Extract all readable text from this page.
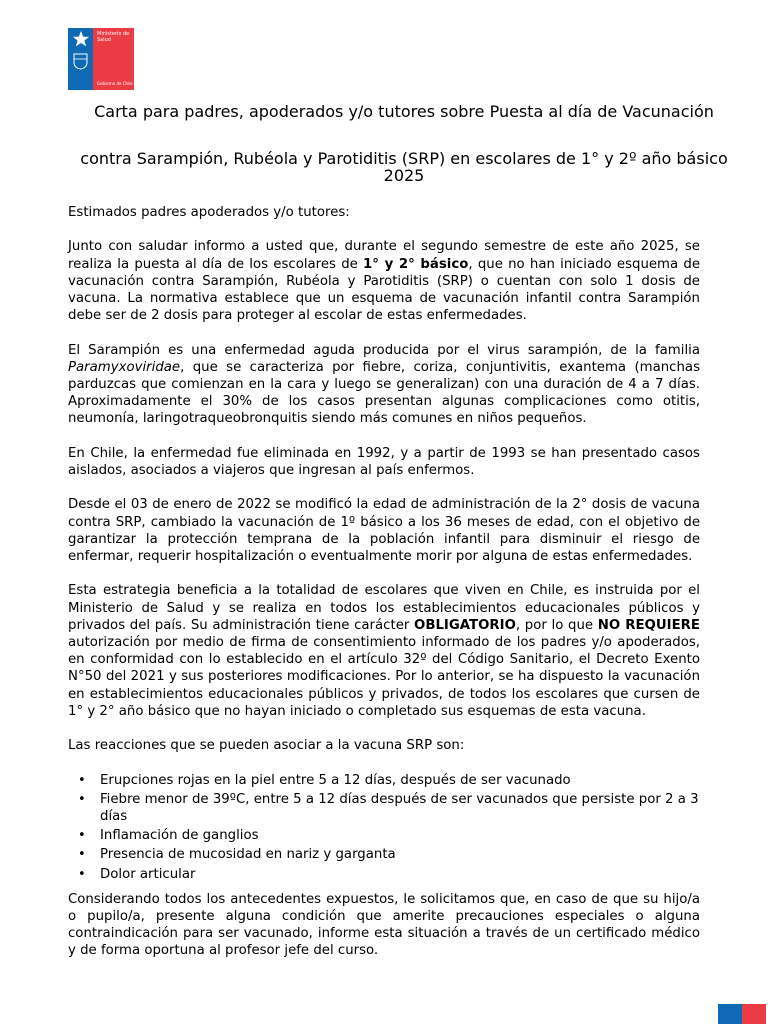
Ministerio de
Salud
Gobierno de Chile
Carta para padres, apoderados y/o tutores sobre Puesta al día de Vacunación
contra Sarampión, Rubéola y Parotiditis (SRP) en escolares de 1° y 2º año básico 2025

Estimados padres apoderados y/o tutores:

Junto con saludar informo a usted que, durante el segundo semestre de este año 2025, se realiza la puesta al día de los escolares de 1° y 2° básico, que no han iniciado esquema de vacunación contra Sarampión, Rubéola y Parotiditis (SRP) o cuentan con solo 1 dosis de vacuna. La normativa establece que un esquema de vacunación infantil contra Sarampión debe ser de 2 dosis para proteger al escolar de estas enfermedades.

El Sarampión es una enfermedad aguda producida por el virus sarampión, de la familia Paramyxoviridae, que se caracteriza por fiebre, coriza, conjuntivitis, exantema (manchas parduzcas que comienzan en la cara y luego se generalizan) con una duración de 4 a 7 días. Aproximadamente el 30% de los casos presentan algunas complicaciones como otitis, neumonía, laringotraqueobronquitis siendo más comunes en niños pequeños.

En Chile, la enfermedad fue eliminada en 1992, y a partir de 1993 se han presentado casos aislados, asociados a viajeros que ingresan al país enfermos.

Desde el 03 de enero de 2022 se modificó la edad de administración de la 2° dosis de vacuna contra SRP, cambiado la vacunación de 1º básico a los 36 meses de edad, con el objetivo de garantizar la protección temprana de la población infantil para disminuir el riesgo de enfermar, requerir hospitalización o eventualmente morir por alguna de estas enfermedades.

Esta estrategia beneficia a la totalidad de escolares que viven en Chile, es instruida por el Ministerio de Salud y se realiza en todos los establecimientos educacionales públicos y privados del país. Su administración tiene carácter OBLIGATORIO, por lo que NO REQUIERE autorización por medio de firma de consentimiento informado de los padres y/o apoderados, en conformidad con lo establecido en el artículo 32º del Código Sanitario, el Decreto Exento N°50 del 2021 y sus posteriores modificaciones. Por lo anterior, se ha dispuesto la vacunación en establecimientos educacionales públicos y privados, de todos los escolares que cursen de 1° y 2° año básico que no hayan iniciado o completado sus esquemas de esta vacuna.

Las reacciones que se pueden asociar a la vacuna SRP son:

• Erupciones rojas en la piel entre 5 a 12 días, después de ser vacunado
• Fiebre menor de 39ºC, entre 5 a 12 días después de ser vacunados que persiste por 2 a 3 días
• Inflamación de ganglios
• Presencia de mucosidad en nariz y garganta
• Dolor articular

Considerando todos los antecedentes expuestos, le solicitamos que, en caso de que su hijo/a o pupilo/a, presente alguna condición que amerite precauciones especiales o alguna contraindicación para ser vacunado, informe esta situación a través de un certificado médico y de forma oportuna al profesor jefe del curso.
